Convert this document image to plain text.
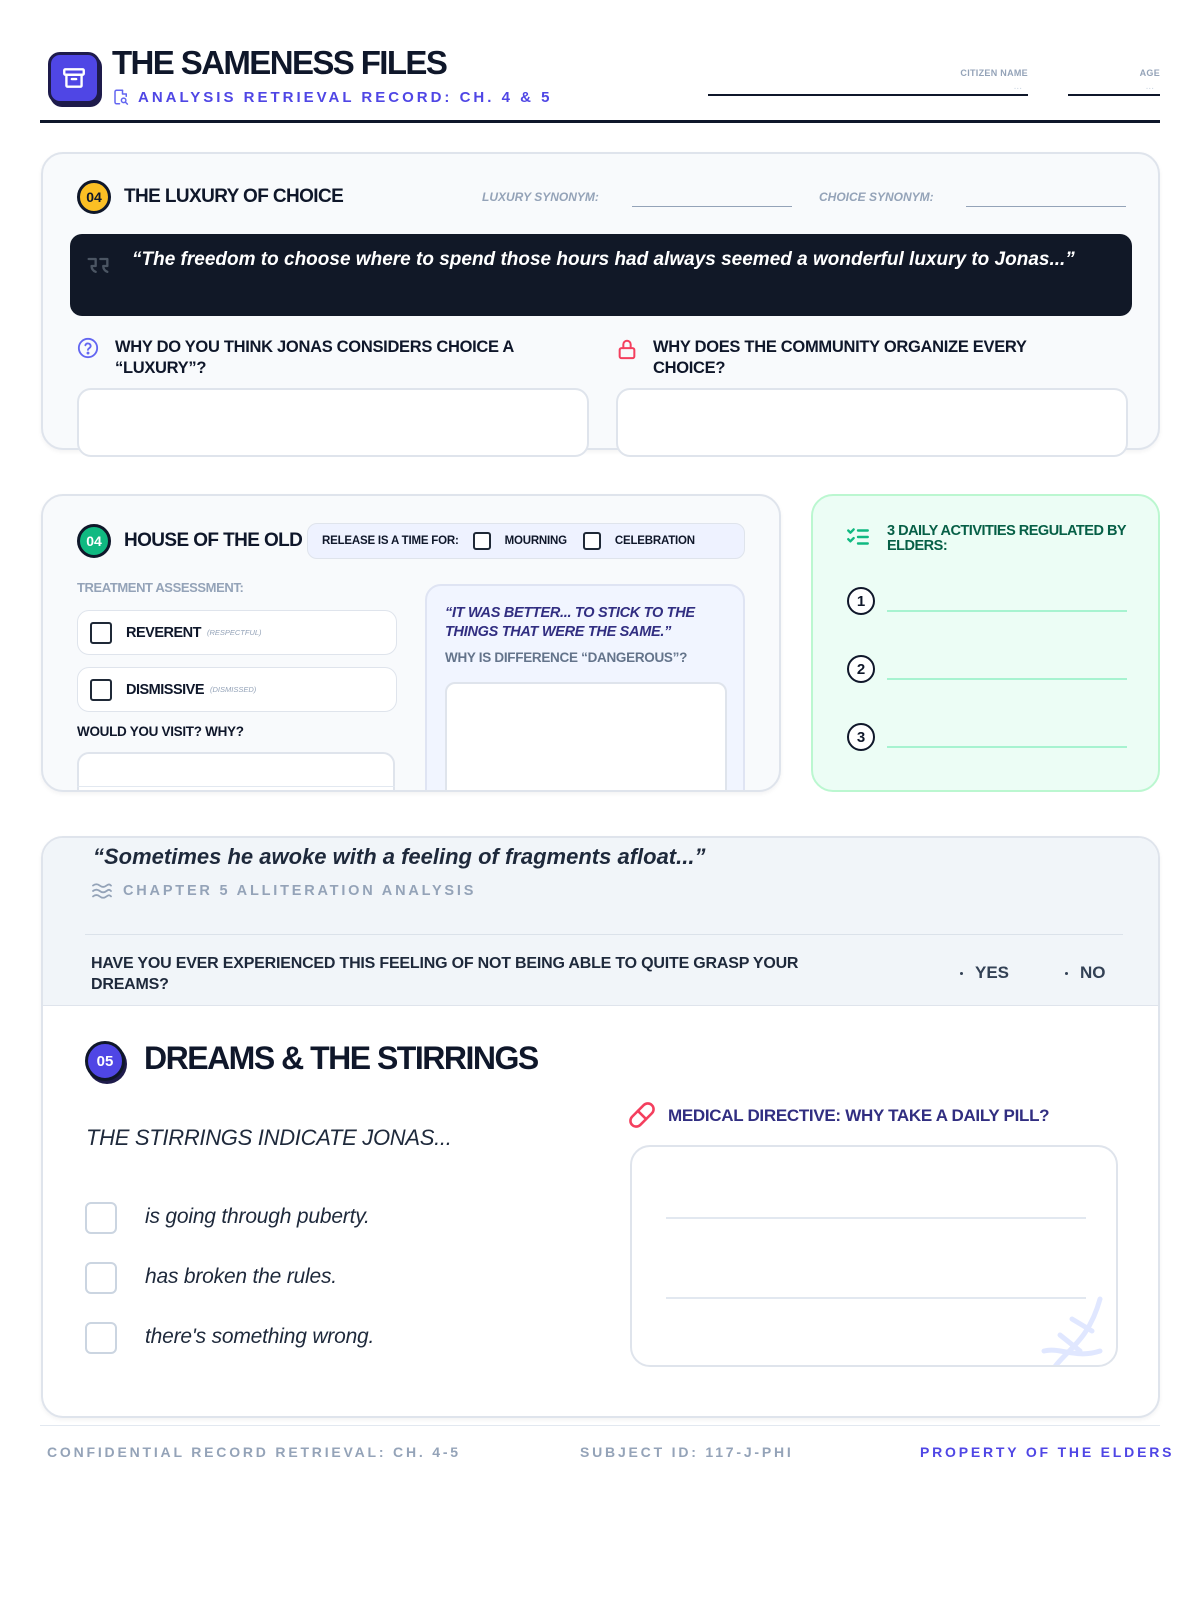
THE SAMENESS FILES
ANALYSIS RETRIEVAL RECORD: CH. 4 & 5
CITIZEN NAME
...
AGE
...
04	THE LUXURY OF CHOICE	LUXURY SYNONYM:	CHOICE SYNONYM:
“The freedom to choose where to spend those hours had always seemed a wonderful luxury to Jonas...”
WHY DO YOU THINK JONAS CONSIDERS CHOICE A “LUXURY”?
WHY DOES THE COMMUNITY ORGANIZE EVERY CHOICE?
“IT WAS BETTER... TO STICK TO THE THINGS THAT WERE THE SAME.”
WHY IS DIFFERENCE “DANGEROUS”?
04	HOUSE OF THE OLD RELEASE IS A TIME FOR:	MOURNING	CELEBRATION
TREATMENT ASSESSMENT:
REVERENT (RESPECTFUL)
DISMISSIVE (DISMISSED)
WOULD YOU VISIT? WHY?
3 DAILY ACTIVITIES REGULATED BY ELDERS:
1
2
3
“Sometimes he awoke with a feeling of fragments afloat...”
CHAPTER 5 ALLITERATION ANALYSIS
HAVE YOU EVER EXPERIENCED THIS FEELING OF NOT BEING ABLE TO QUITE GRASP YOUR DREAMS?
YES	NO
05 DREAMS & THE STIRRINGS
THE STIRRINGS INDICATE JONAS...
is going through puberty.
has broken the rules.
there's something wrong.
MEDICAL DIRECTIVE: WHY TAKE A DAILY PILL?
CONFIDENTIAL RECORD RETRIEVAL: CH. 4-5	SUBJECT ID: 117-J-PHI	PROPERTY OF THE ELDERS
